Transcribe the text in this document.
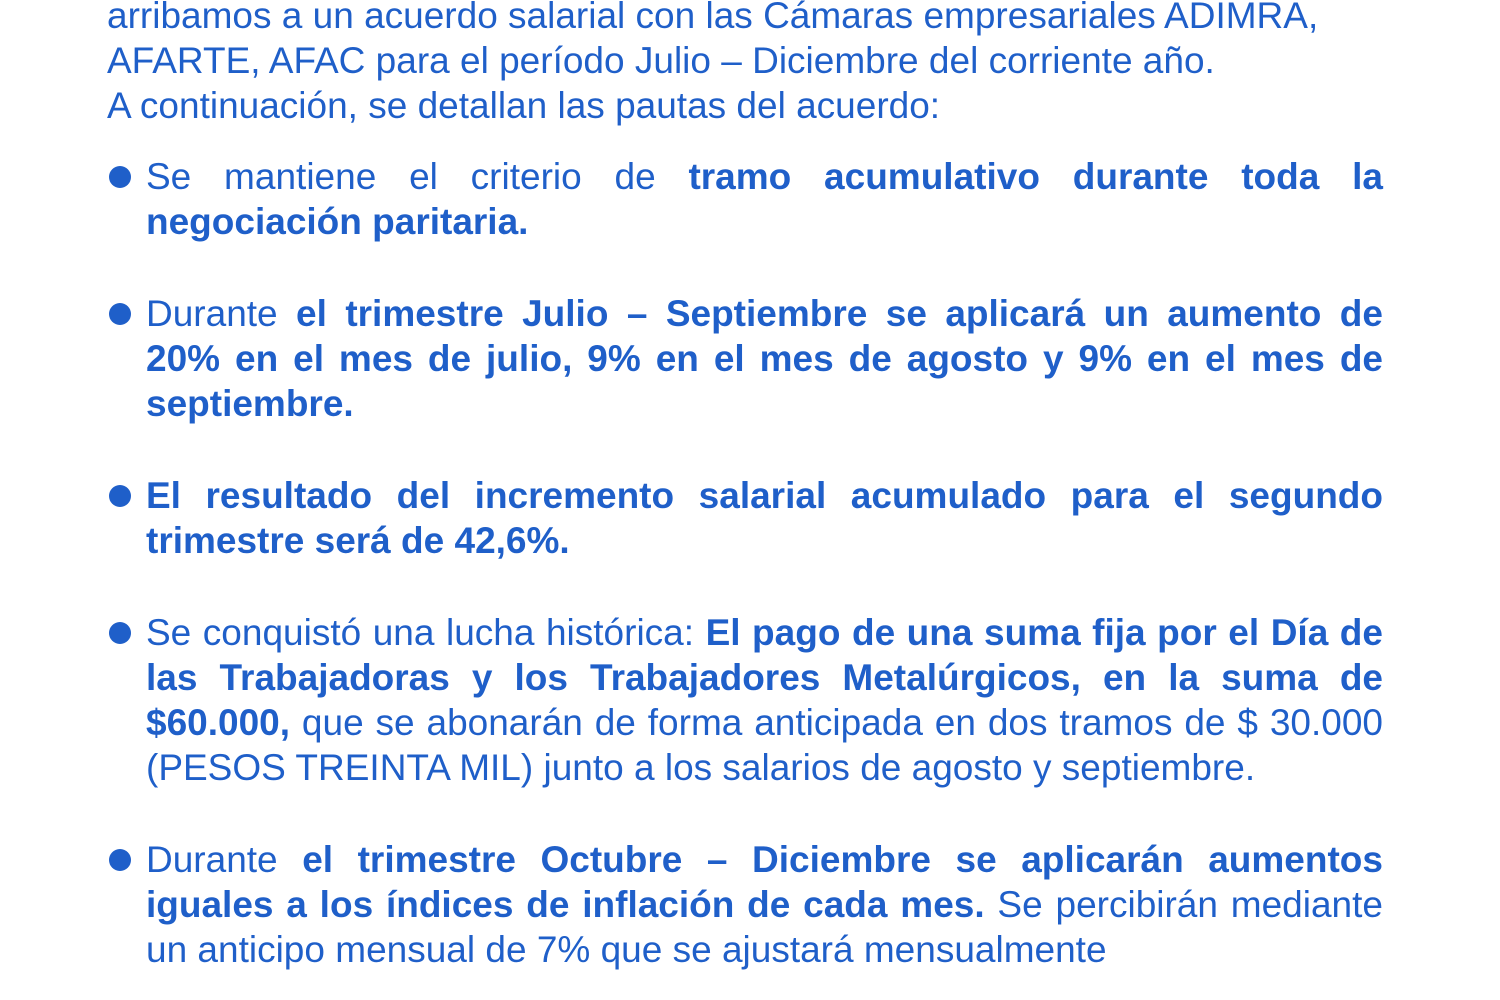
arribamos a un acuerdo salarial con las Cámaras empresariales ADIMRA,

AFARTE, AFAC para el período Julio – Diciembre del corriente año.

A continuación, se detallan las pautas del acuerdo:

Se mantiene el criterio de tramo acumulativo durante toda la negociación paritaria.
Durante el trimestre Julio – Septiembre se aplicará un aumento de 20% en el mes de julio, 9% en el mes de agosto y 9% en el mes de septiembre.
El resultado del incremento salarial acumulado para el segundo trimestre será de 42,6%.
Se conquistó una lucha histórica: El pago de una suma fija por el Día de las Trabajadoras y los Trabajadores Metalúrgicos, en la suma de $60.000, que se abonarán de forma anticipada en dos tramos de $ 30.000 (PESOS TREINTA MIL) junto a los salarios de agosto y septiembre.
Durante el trimestre Octubre – Diciembre se aplicarán aumentos iguales a los índices de inflación de cada mes. Se percibirán mediante un anticipo mensual de 7% que se ajustará mensualmente
